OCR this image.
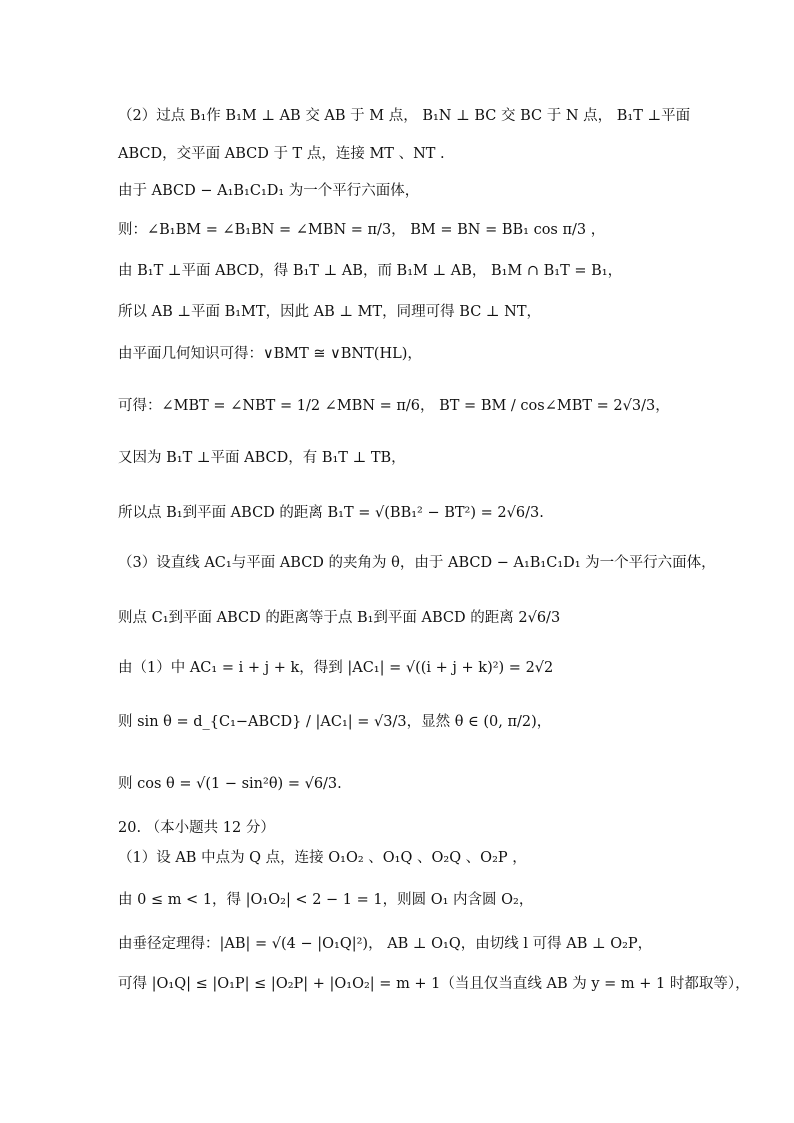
（2）过点 B₁作 B₁M ⊥ AB 交 AB 于 M 点， B₁N ⊥ BC 交 BC 于 N 点， B₁T ⊥平面
ABCD，交平面 ABCD 于 T 点，连接 MT 、NT .
由于 ABCD − A₁B₁C₁D₁ 为一个平行六面体，
则：∠B₁BM = ∠B₁BN = ∠MBN = π/3， BM = BN = BB₁ cos π/3 ，
由 B₁T ⊥平面 ABCD，得 B₁T ⊥ AB，而 B₁M ⊥ AB， B₁M ∩ B₁T = B₁，
所以 AB ⊥平面 B₁MT，因此 AB ⊥ MT，同理可得 BC ⊥ NT，
由平面几何知识可得：∨BMT ≅ ∨BNT(HL)，
可得：∠MBT = ∠NBT = 1/2 ∠MBN = π/6， BT = BM / cos∠MBT = 2√3/3，
又因为 B₁T ⊥平面 ABCD，有 B₁T ⊥ TB，
所以点 B₁到平面 ABCD 的距离 B₁T = √(BB₁² − BT²) = 2√6/3.
（3）设直线 AC₁与平面 ABCD 的夹角为 θ，由于 ABCD − A₁B₁C₁D₁ 为一个平行六面体，
则点 C₁到平面 ABCD 的距离等于点 B₁到平面 ABCD 的距离 2√6/3
由（1）中 AC₁ = i + j + k，得到 |AC₁| = √((i + j + k)²) = 2√2
则 sin θ = d_{C₁−ABCD} / |AC₁| = √3/3，显然 θ ∈ (0, π/2)，
则 cos θ = √(1 − sin²θ) = √6/3.
20. （本小题共 12 分）
（1）设 AB 中点为 Q 点，连接 O₁O₂ 、O₁Q 、O₂Q 、O₂P ，
由 0 ≤ m < 1，得 |O₁O₂| < 2 − 1 = 1，则圆 O₁ 内含圆 O₂，
由垂径定理得：|AB| = √(4 − |O₁Q|²)， AB ⊥ O₁Q，由切线 l 可得 AB ⊥ O₂P，
可得 |O₁Q| ≤ |O₁P| ≤ |O₂P| + |O₁O₂| = m + 1（当且仅当直线 AB 为 y = m + 1 时都取等），
